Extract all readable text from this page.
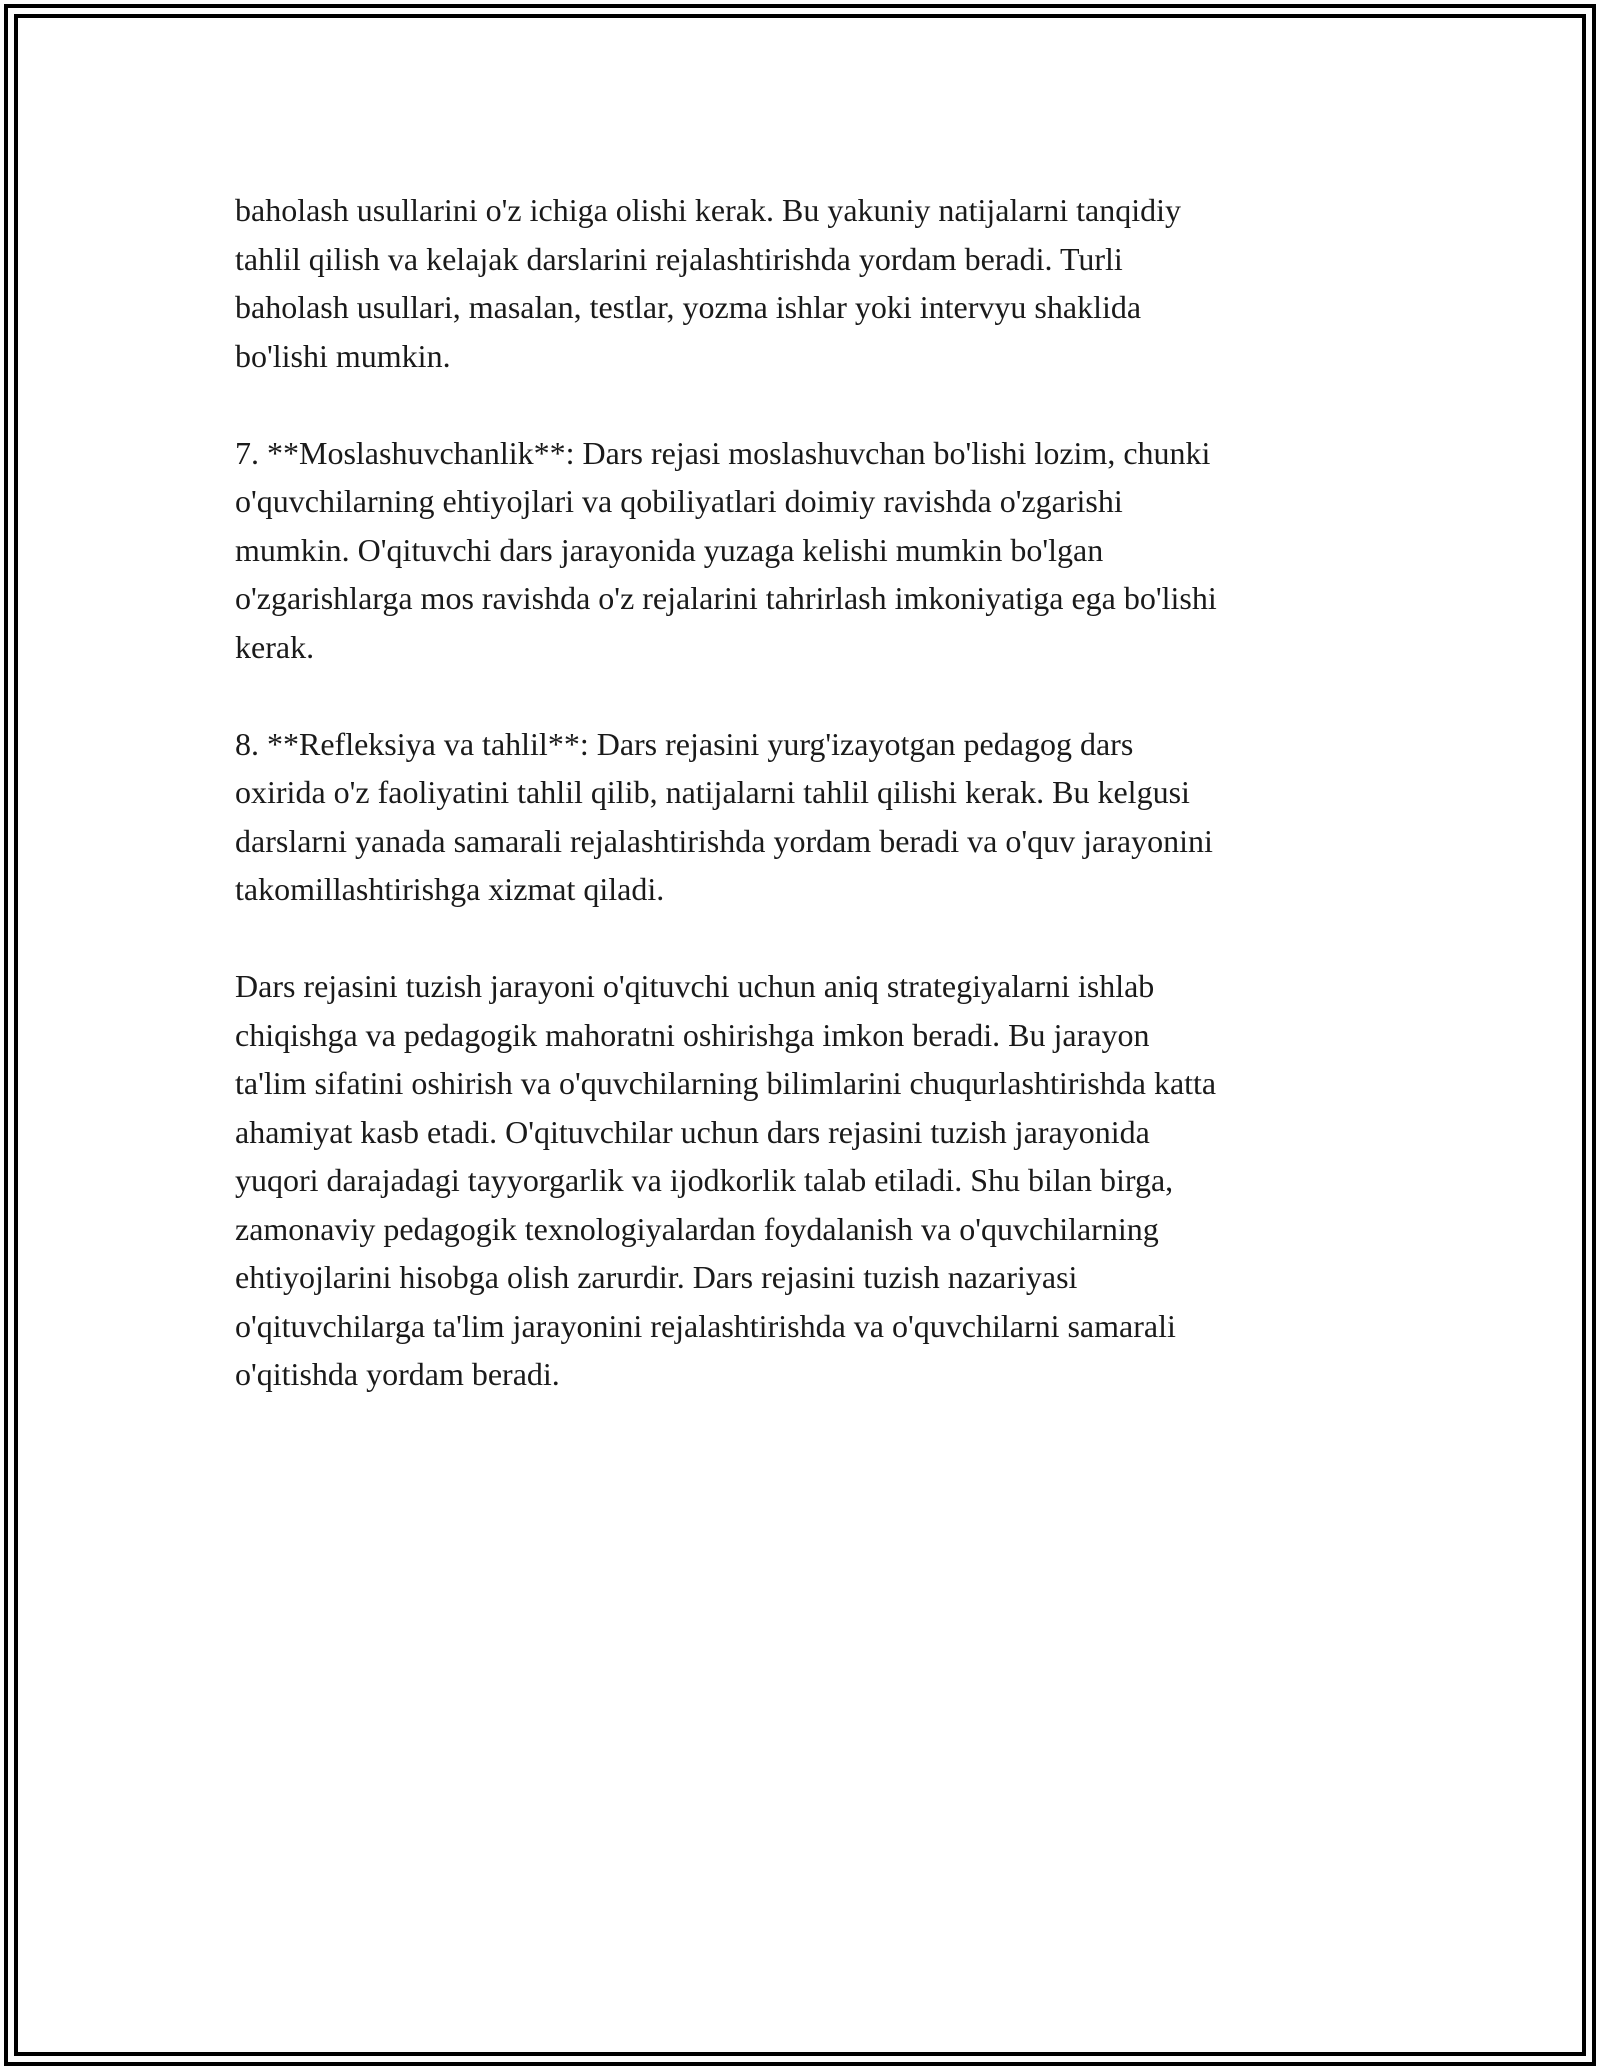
baholash usullarini o'z ichiga olishi kerak. Bu yakuniy natijalarni tanqidiy
tahlil qilish va kelajak darslarini rejalashtirishda yordam beradi. Turli
baholash usullari, masalan, testlar, yozma ishlar yoki intervyu shaklida
bo'lishi mumkin.

7. **Moslashuvchanlik**: Dars rejasi moslashuvchan bo'lishi lozim, chunki
o'quvchilarning ehtiyojlari va qobiliyatlari doimiy ravishda o'zgarishi
mumkin. O'qituvchi dars jarayonida yuzaga kelishi mumkin bo'lgan
o'zgarishlarga mos ravishda o'z rejalarini tahrirlash imkoniyatiga ega bo'lishi
kerak.

8. **Refleksiya va tahlil**: Dars rejasini yurg'izayotgan pedagog dars
oxirida o'z faoliyatini tahlil qilib, natijalarni tahlil qilishi kerak. Bu kelgusi
darslarni yanada samarali rejalashtirishda yordam beradi va o'quv jarayonini
takomillashtirishga xizmat qiladi.

Dars rejasini tuzish jarayoni o'qituvchi uchun aniq strategiyalarni ishlab
chiqishga va pedagogik mahoratni oshirishga imkon beradi. Bu jarayon
ta'lim sifatini oshirish va o'quvchilarning bilimlarini chuqurlashtirishda katta
ahamiyat kasb etadi. O'qituvchilar uchun dars rejasini tuzish jarayonida
yuqori darajadagi tayyorgarlik va ijodkorlik talab etiladi. Shu bilan birga,
zamonaviy pedagogik texnologiyalardan foydalanish va o'quvchilarning
ehtiyojlarini hisobga olish zarurdir. Dars rejasini tuzish nazariyasi
o'qituvchilarga ta'lim jarayonini rejalashtirishda va o'quvchilarni samarali
o'qitishda yordam beradi.
